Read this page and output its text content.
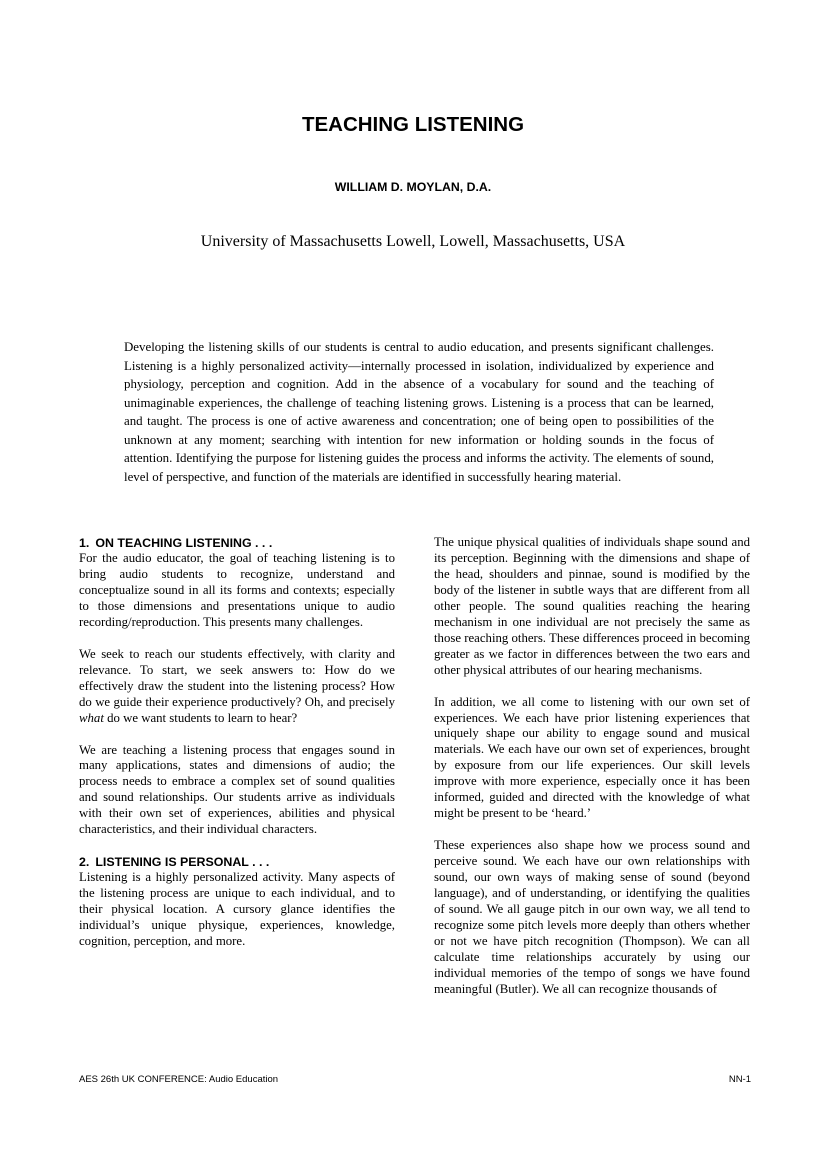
TEACHING LISTENING
WILLIAM D. MOYLAN, D.A.
University of Massachusetts Lowell, Lowell, Massachusetts, USA

Developing the listening skills of our students is central to audio education, and presents significant challenges. Listening is a highly personalized activity—internally processed in isolation, individualized by experience and physiology, perception and cognition. Add in the absence of a vocabulary for sound and the teaching of unimaginable experiences, the challenge of teaching listening grows. Listening is a process that can be learned, and taught. The process is one of active awareness and concentration; one of being open to possibilities of the unknown at any moment; searching with intention for new information or holding sounds in the focus of attention. Identifying the purpose for listening guides the process and informs the activity. The elements of sound, level of perspective, and function of the materials are identified in successfully hearing material.

1. ON TEACHING LISTENING . . .

For the audio educator, the goal of teaching listening is to bring audio students to recognize, understand and conceptualize sound in all its forms and contexts; especially to those dimensions and presentations unique to audio recording/reproduction. This presents many challenges.

We seek to reach our students effectively, with clarity and relevance. To start, we seek answers to: How do we effectively draw the student into the listening process? How do we guide their experience productively? Oh, and precisely what do we want students to learn to hear?

We are teaching a listening process that engages sound in many applications, states and dimensions of audio; the process needs to embrace a complex set of sound qualities and sound relationships. Our students arrive as individuals with their own set of experiences, abilities and physical characteristics, and their individual characters.

2. LISTENING IS PERSONAL . . .

Listening is a highly personalized activity. Many aspects of the listening process are unique to each individual, and to their physical location. A cursory glance identifies the individual’s unique physique, experiences, knowledge, cognition, perception, and more.

The unique physical qualities of individuals shape sound and its perception. Beginning with the dimensions and shape of the head, shoulders and pinnae, sound is modified by the body of the listener in subtle ways that are different from all other people. The sound qualities reaching the hearing mechanism in one individual are not precisely the same as those reaching others. These differences proceed in becoming greater as we factor in differences between the two ears and other physical attributes of our hearing mechanisms.

In addition, we all come to listening with our own set of experiences. We each have prior listening experiences that uniquely shape our ability to engage sound and musical materials. We each have our own set of experiences, brought by exposure from our life experiences. Our skill levels improve with more experience, especially once it has been informed, guided and directed with the knowledge of what might be present to be ‘heard.’

These experiences also shape how we process sound and perceive sound. We each have our own relationships with sound, our own ways of making sense of sound (beyond language), and of understanding, or identifying the qualities of sound. We all gauge pitch in our own way, we all tend to recognize some pitch levels more deeply than others whether or not we have pitch recognition (Thompson). We can all calculate time relationships accurately by using our individual memories of the tempo of songs we have found meaningful (Butler). We all can recognize thousands of

AES 26th UK CONFERENCE: Audio Education	NN-1
